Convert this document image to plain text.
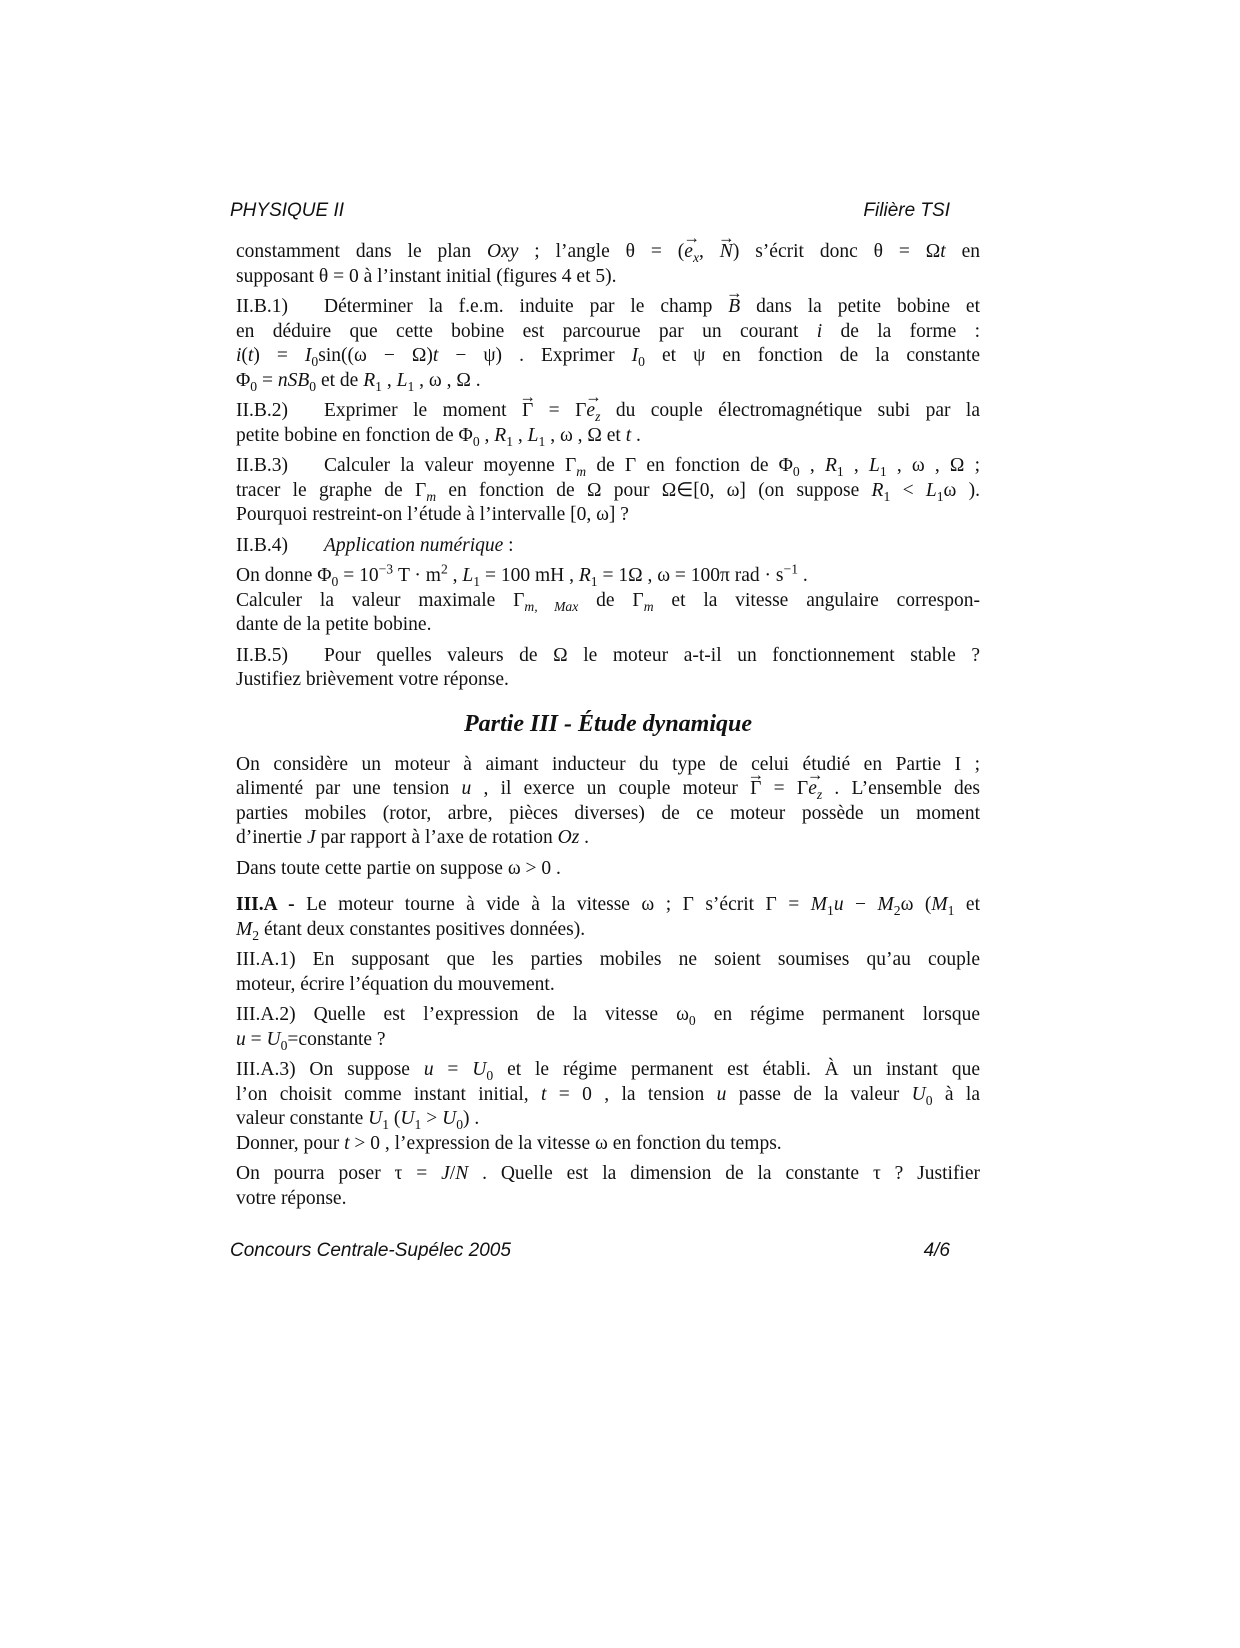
PHYSIQUE II	Filière TSI
constamment dans le plan Oxy ; l’angle θ = (→ $e_x$, → N) s’écrit donc θ = Ωt en
supposant θ = 0 à l’instant initial (figures 4 et 5).
II.B.1) Déterminer la f.e.m. induite par le champ → B dans la petite bobine et
en déduire que cette bobine est parcourue par un courant i de la forme :
$i(t) = I_0\sin((\omega - \Omega)t - \psi)$ . Exprimer $I_0$ et ψ en fonction de la constante
$\Phi_0 = nSB_0$ et de $R_1$ , $L_1$ , ω , Ω .
II.B.2) Exprimer le moment → $\Gamma = \Gamma\to e_z$ du couple électromagnétique subi par la
petite bobine en fonction de $\Phi_0$ , $R_1$ , $L_1$ , ω , Ω et t .
II.B.3) Calculer la valeur moyenne $\Gamma_m$ de Γ en fonction de $\Phi_0$ , $R_1$ , $L_1$ , ω , Ω ;
tracer le graphe de $\Gamma_m$ en fonction de Ω pour Ω∈[0, ω] (on suppose $R_1 < L_1\omega$ ).
Pourquoi restreint-on l’étude à l’intervalle [0, ω] ?
II.B.4) Application numérique :
On donne $\Phi_0 = 10^{-3}$ $T \cdot m^2$ , $L_1 = 100$ mH , $R_1 = 1\Omega$ , ω = 100π rad · $s^{-1}$ .
Calculer la valeur maximale $\Gamma_{m, Max}$ de $\Gamma_m$ et la vitesse angulaire correspon-
dante de la petite bobine.
II.B.5) Pour quelles valeurs de Ω le moteur a-t-il un fonctionnement stable ?
Justifiez brièvement votre réponse.
Partie III - Étude dynamique
On considère un moteur à aimant inducteur du type de celui étudié en Partie I ;
alimenté par une tension u , il exerce un couple moteur → $\Gamma = \Gamma\to e_z$ . L’ensemble des
parties mobiles (rotor, arbre, pièces diverses) de ce moteur possède un moment
d’inertie J par rapport à l’axe de rotation Oz .
Dans toute cette partie on suppose ω > 0 .
III.A - Le moteur tourne à vide à la vitesse ω ; Γ s’écrit $\Gamma = M_1u - M_2\omega$ ($M_1$ et
$M_2$ étant deux constantes positives données).
III.A.1) En supposant que les parties mobiles ne soient soumises qu’au couple
moteur, écrire l’équation du mouvement.
III.A.2) Quelle est l’expression de la vitesse $\omega_0$ en régime permanent lorsque
$u = U_0=constante$ ?
III.A.3) On suppose $u = U_0$ et le régime permanent est établi. À un instant que
l’on choisit comme instant initial, t = 0 , la tension u passe de la valeur $U_0$ à la
valeur constante $U_1$ $(U_1 > U_0)$ .
Donner, pour t > 0 , l’expression de la vitesse ω en fonction du temps.
On pourra poser τ = J/N . Quelle est la dimension de la constante τ ? Justifier
votre réponse.
Concours Centrale-Supélec 2005	4/6
